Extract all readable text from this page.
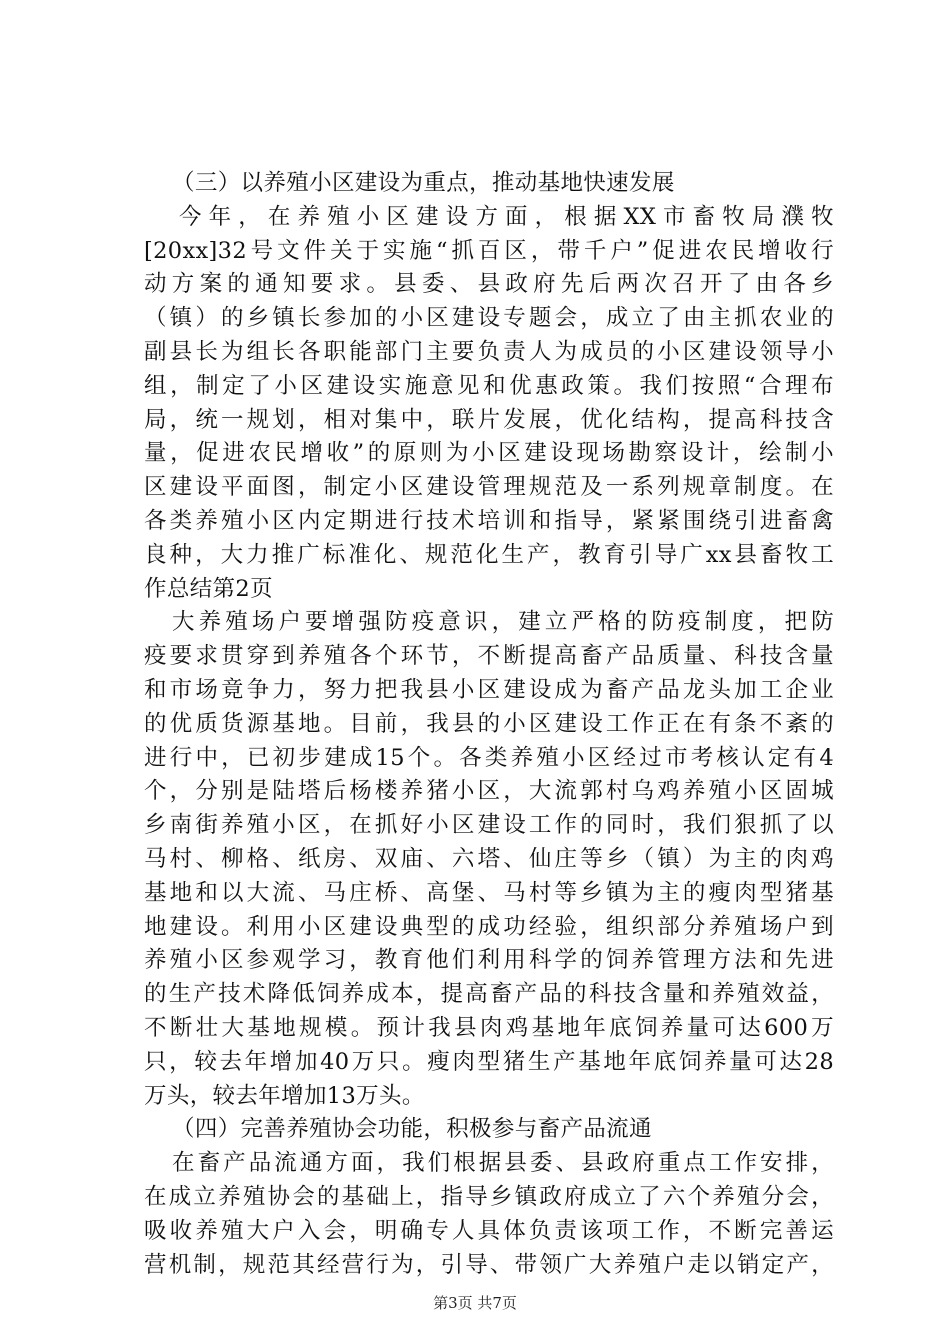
（三）以养殖小区建设为重点，推动基地快速发展
今年，在养殖小区建设方面，根据XX市畜牧局濮牧
[20xx]32号文件关于实施“抓百区，带千户”促进农民增收行
动方案的通知要求。县委、县政府先后两次召开了由各乡
（镇）的乡镇长参加的小区建设专题会，成立了由主抓农业的
副县长为组长各职能部门主要负责人为成员的小区建设领导小
组，制定了小区建设实施意见和优惠政策。我们按照“合理布
局，统一规划，相对集中，联片发展，优化结构，提高科技含
量，促进农民增收”的原则为小区建设现场勘察设计，绘制小
区建设平面图，制定小区建设管理规范及一系列规章制度。在
各类养殖小区内定期进行技术培训和指导，紧紧围绕引进畜禽
良种，大力推广标准化、规范化生产，教育引导广xx县畜牧工
作总结第2页
大养殖场户要增强防疫意识，建立严格的防疫制度，把防
疫要求贯穿到养殖各个环节，不断提高畜产品质量、科技含量
和市场竟争力，努力把我县小区建设成为畜产品龙头加工企业
的优质货源基地。目前，我县的小区建设工作正在有条不紊的
进行中，已初步建成15个。各类养殖小区经过市考核认定有4
个，分别是陆塔后杨楼养猪小区，大流郭村乌鸡养殖小区固城
乡南街养殖小区，在抓好小区建设工作的同时，我们狠抓了以
马村、柳格、纸房、双庙、六塔、仙庄等乡（镇）为主的肉鸡
基地和以大流、马庄桥、高堡、马村等乡镇为主的瘦肉型猪基
地建设。利用小区建设典型的成功经验，组织部分养殖场户到
养殖小区参观学习，教育他们利用科学的饲养管理方法和先进
的生产技术降低饲养成本，提高畜产品的科技含量和养殖效益，
不断壮大基地规模。预计我县肉鸡基地年底饲养量可达600万
只，较去年增加40万只。瘦肉型猪生产基地年底饲养量可达28
万头，较去年增加13万头。
（四）完善养殖协会功能，积极参与畜产品流通
在畜产品流通方面，我们根据县委、县政府重点工作安排，
在成立养殖协会的基础上，指导乡镇政府成立了六个养殖分会，
吸收养殖大户入会，明确专人具体负责该项工作，不断完善运
营机制，规范其经营行为，引导、带领广大养殖户走以销定产，
第3页 共7页
